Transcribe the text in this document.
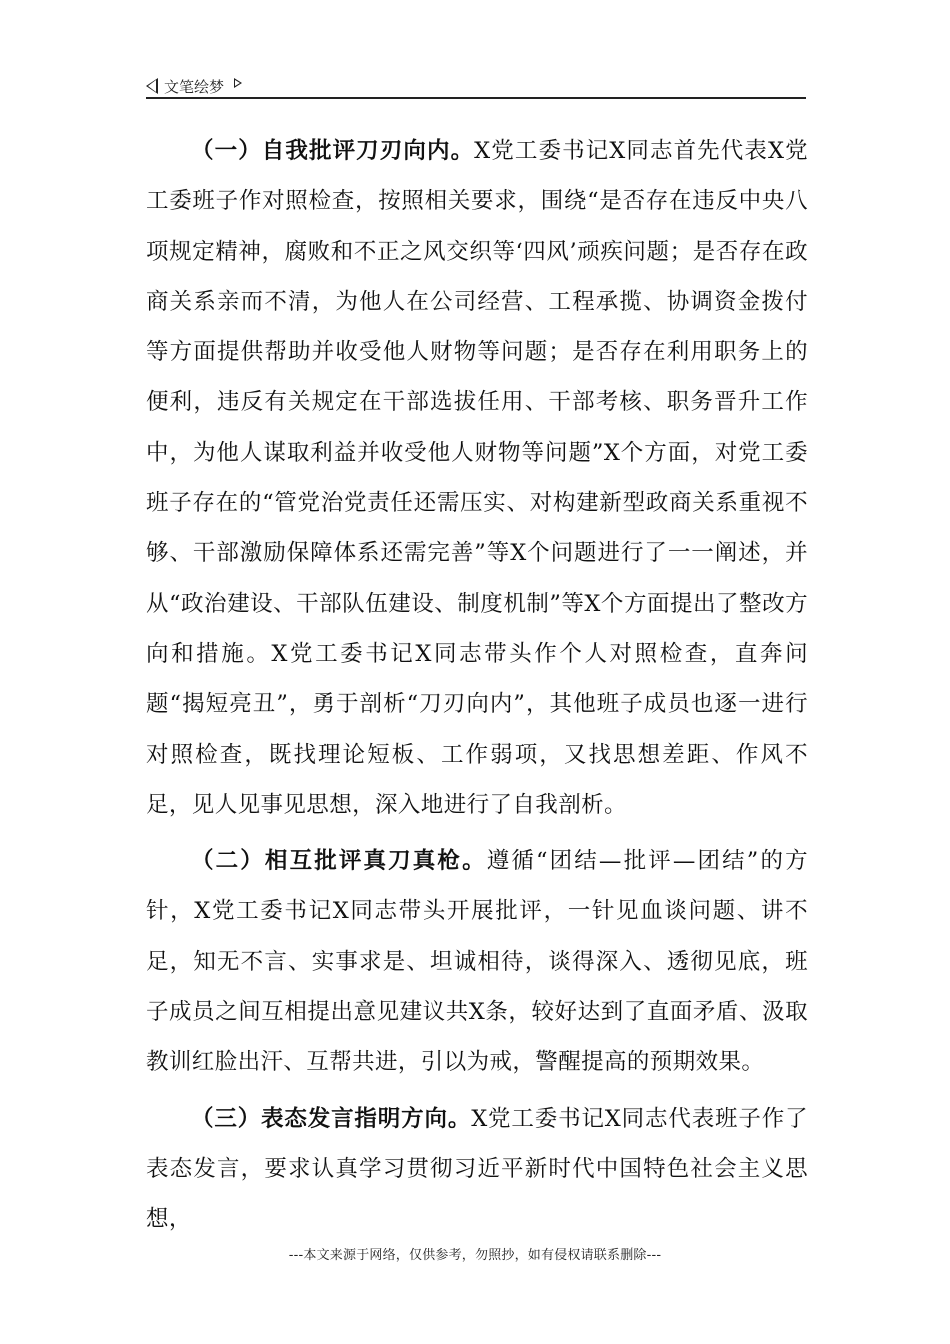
文笔绘梦

（一）自我批评刀刃向内。X党工委书记X同志首先代表X党工委班子作对照检查，按照相关要求，围绕“是否存在违反中央八项规定精神，腐败和不正之风交织等‘四风’顽疾问题；是否存在政商关系亲而不清，为他人在公司经营、工程承揽、协调资金拨付等方面提供帮助并收受他人财物等问题；是否存在利用职务上的便利，违反有关规定在干部选拔任用、干部考核、职务晋升工作中，为他人谋取利益并收受他人财物等问题”X个方面，对党工委班子存在的“管党治党责任还需压实、对构建新型政商关系重视不够、干部激励保障体系还需完善”等X个问题进行了一一阐述，并从“政治建设、干部队伍建设、制度机制”等X个方面提出了整改方向和措施。X党工委书记X同志带头作个人对照检查，直奔问题“揭短亮丑”，勇于剖析“刀刃向内”，其他班子成员也逐一进行对照检查，既找理论短板、工作弱项，又找思想差距、作风不足，见人见事见思想，深入地进行了自我剖析。

（二）相互批评真刀真枪。遵循“团结—批评—团结”的方针，X党工委书记X同志带头开展批评，一针见血谈问题、讲不足，知无不言、实事求是、坦诚相待，谈得深入、透彻见底，班子成员之间互相提出意见建议共X条，较好达到了直面矛盾、汲取教训红脸出汗、互帮共进，引以为戒，警醒提高的预期效果。

（三）表态发言指明方向。X党工委书记X同志代表班子作了表态发言，要求认真学习贯彻习近平新时代中国特色社会主义思想，

---本文来源于网络，仅供参考，勿照抄，如有侵权请联系删除---
